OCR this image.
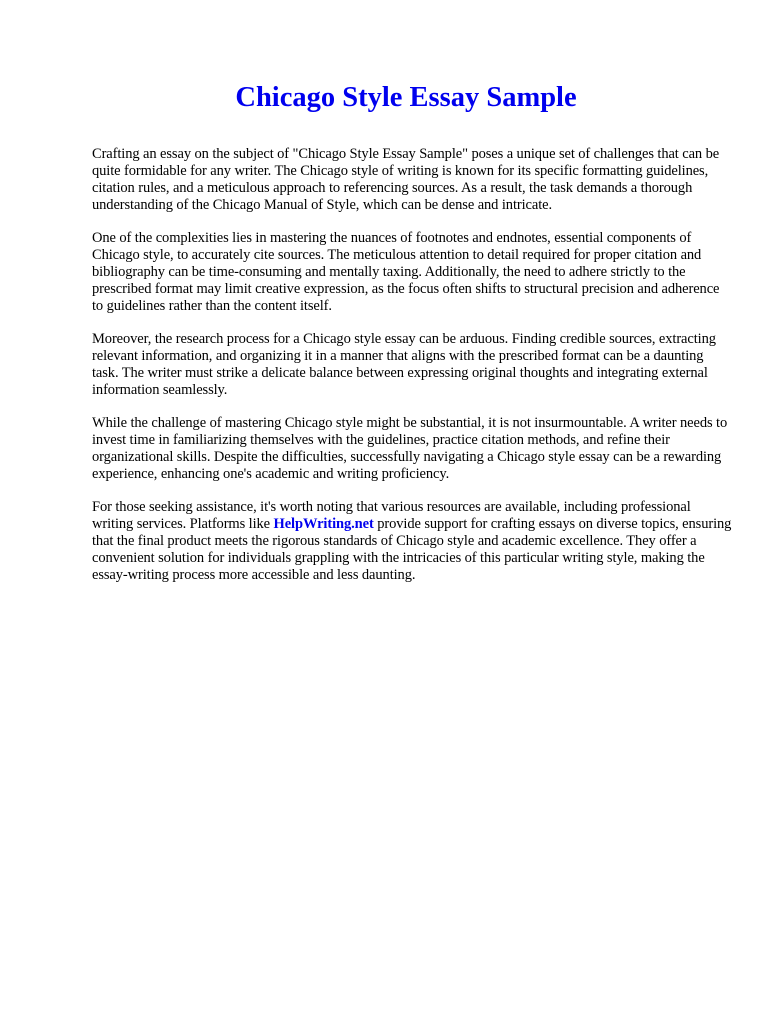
Chicago Style Essay Sample

Crafting an essay on the subject of "Chicago Style Essay Sample" poses a unique set of challenges that can be quite formidable for any writer. The Chicago style of writing is known for its specific formatting guidelines, citation rules, and a meticulous approach to referencing sources. As a result, the task demands a thorough understanding of the Chicago Manual of Style, which can be dense and intricate.

One of the complexities lies in mastering the nuances of footnotes and endnotes, essential components of Chicago style, to accurately cite sources. The meticulous attention to detail required for proper citation and bibliography can be time-consuming and mentally taxing. Additionally, the need to adhere strictly to the prescribed format may limit creative expression, as the focus often shifts to structural precision and adherence to guidelines rather than the content itself.

Moreover, the research process for a Chicago style essay can be arduous. Finding credible sources, extracting relevant information, and organizing it in a manner that aligns with the prescribed format can be a daunting task. The writer must strike a delicate balance between expressing original thoughts and integrating external information seamlessly.

While the challenge of mastering Chicago style might be substantial, it is not insurmountable. A writer needs to invest time in familiarizing themselves with the guidelines, practice citation methods, and refine their organizational skills. Despite the difficulties, successfully navigating a Chicago style essay can be a rewarding experience, enhancing one's academic and writing proficiency.

For those seeking assistance, it's worth noting that various resources are available, including professional writing services. Platforms like HelpWriting.net provide support for crafting essays on diverse topics, ensuring that the final product meets the rigorous standards of Chicago style and academic excellence. They offer a convenient solution for individuals grappling with the intricacies of this particular writing style, making the essay-writing process more accessible and less daunting.
